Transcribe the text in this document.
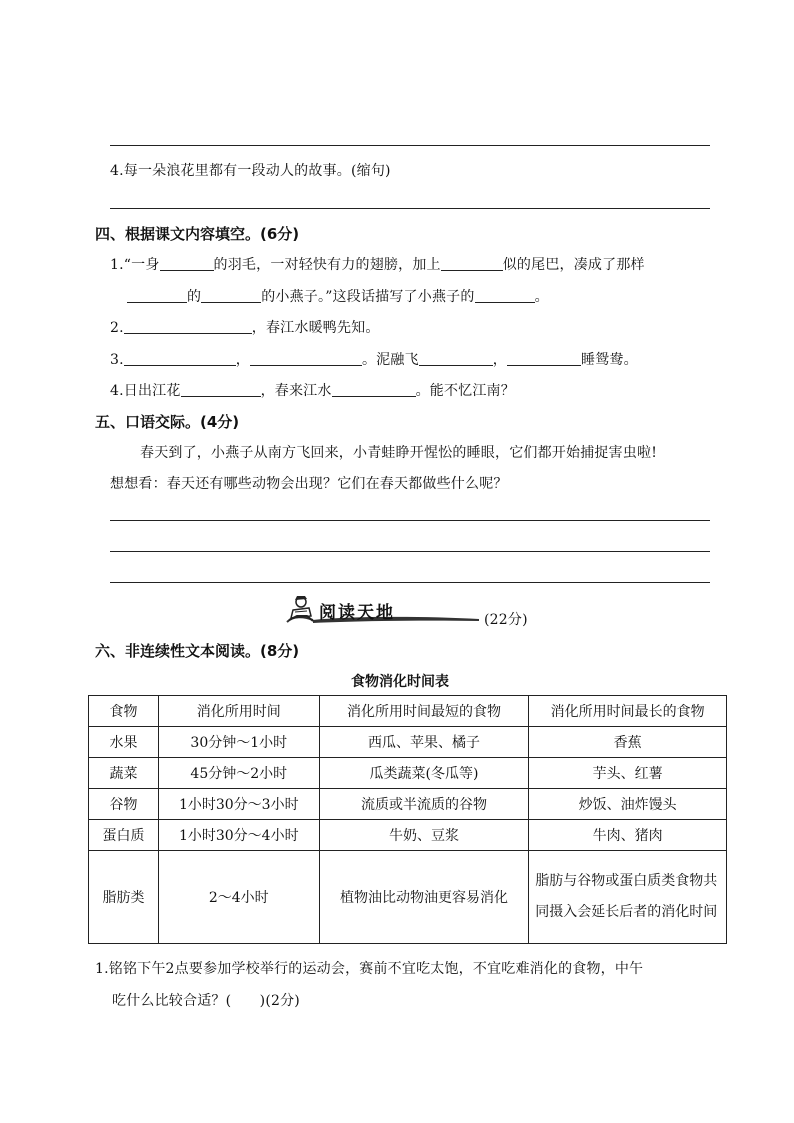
4.每一朵浪花里都有一段动人的故事。(缩句)
四、根据课文内容填空。(6分)
1.“一身	的羽毛，一对轻快有力的翅膀，加上	似的尾巴，凑成了那样
的	的小燕子。”这段话描写了小燕子的	。
2.	，春江水暖鸭先知。
3.	，	。泥融飞	，	睡鸳鸯。
4.日出江花	，春来江水	。能不忆江南？
五、口语交际。(4分)
春天到了，小燕子从南方飞回来，小青蛙睁开惺忪的睡眼，它们都开始捕捉害虫啦!
想想看：春天还有哪些动物会出现？它们在春天都做些什么呢？
阅读天地	(22分)
六、非连续性文本阅读。(8分)
食物消化时间表
食物	消化所用时间	消化所用时间最短的食物	消化所用时间最长的食物
水果	30分钟～1小时	西瓜、苹果、橘子	香蕉
蔬菜	45分钟～2小时	瓜类蔬菜(冬瓜等)	芋头、红薯
谷物	1小时30分～3小时	流质或半流质的谷物	炒饭、油炸馒头
蛋白质	1小时30分～4小时	牛奶、豆浆	牛肉、猪肉
脂肪类	2～4小时	植物油比动物油更容易消化	脂肪与谷物或蛋白质类食物共同摄入会延长后者的消化时间
1.铭铭下午2点要参加学校举行的运动会，赛前不宜吃太饱，不宜吃难消化的食物，中午
吃什么比较合适？(　　)(2分)
